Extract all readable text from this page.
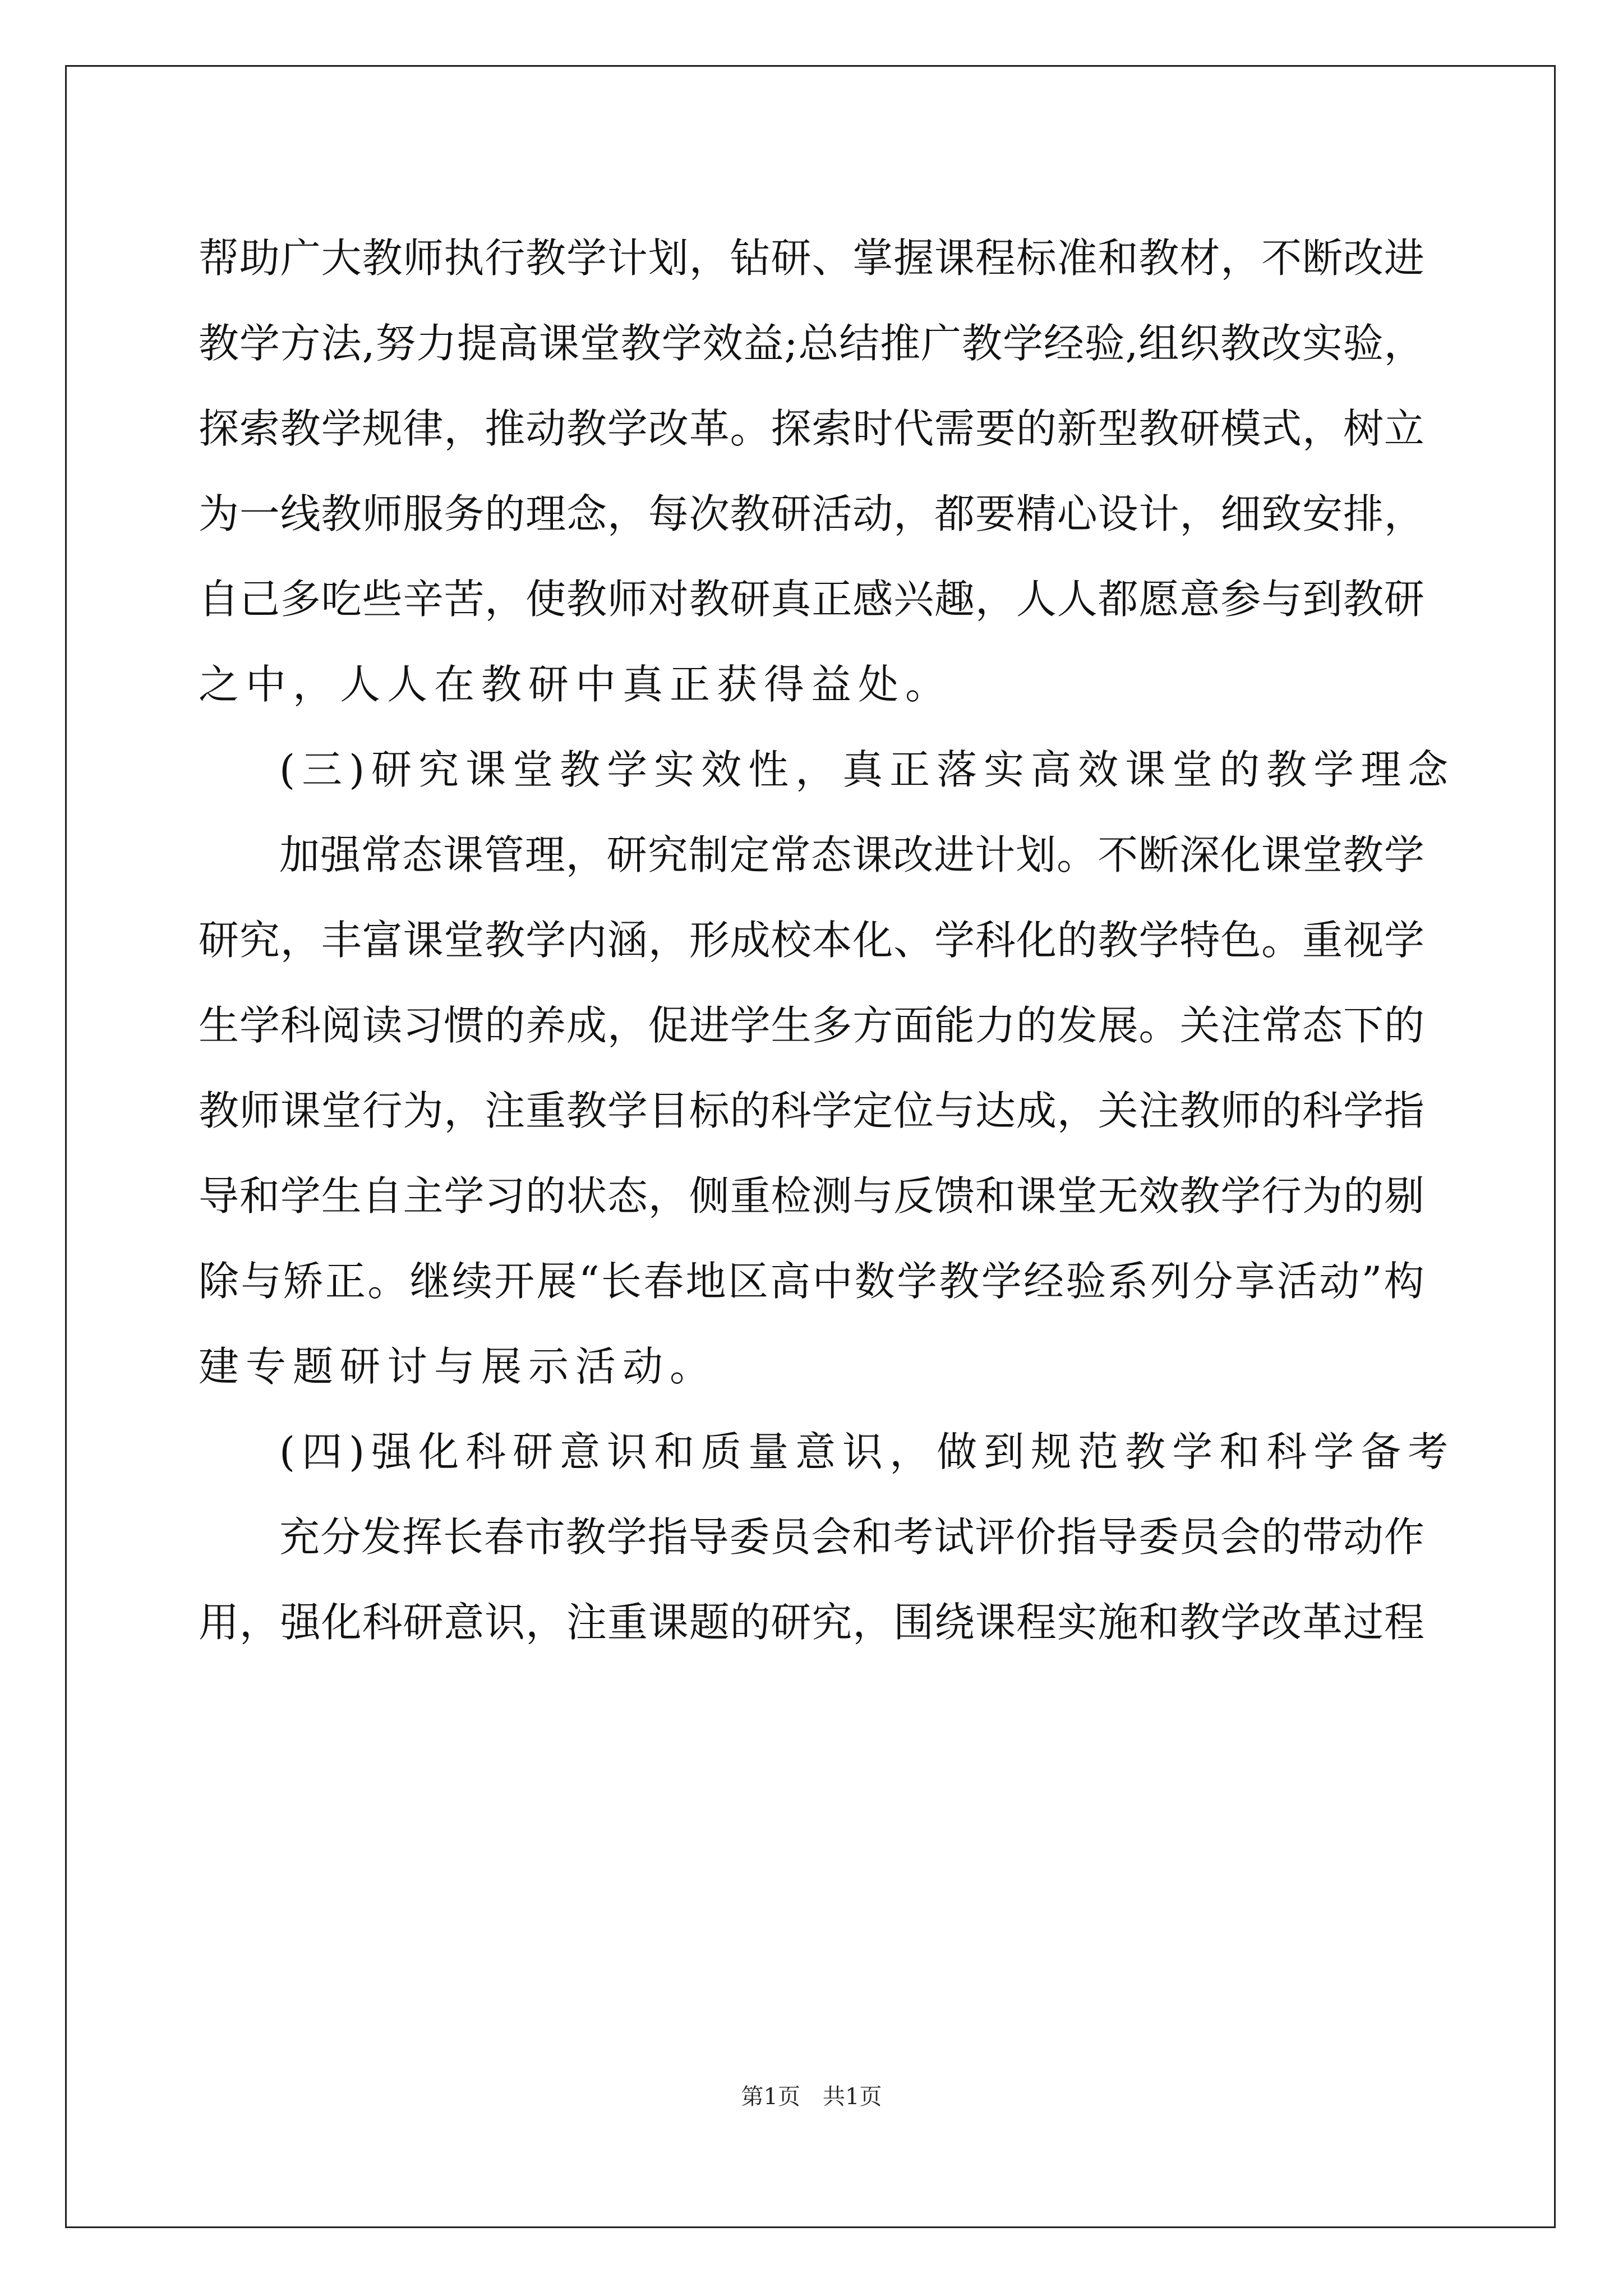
帮 助 广 大 教 师 执 行 教 学 计 划 ， 钻 研 、 掌 握 课 程 标 准 和 教 材 ， 不 断 改 进
教 学 方 法 , 努 力 提 高 课 堂 教 学 效 益 ; 总 结 推 广 教 学 经 验 , 组 织 教 改 实 验 ，
探 索 教 学 规 律 ， 推 动 教 学 改 革 。 探 索 时 代 需 要 的 新 型 教 研 模 式 ， 树 立
为 一 线 教 师 服 务 的 理 念 ， 每 次 教 研 活 动 ， 都 要 精 心 设 计 ， 细 致 安 排 ，
自 己 多 吃 些 辛 苦 ， 使 教 师 对 教 研 真 正 感 兴 趣 ， 人 人 都 愿 意 参 与 到 教 研
之中，人人在教研中真正获得益处。
(三)研究课堂教学实效性，真正落实高效课堂的教学理念
加 强 常 态 课 管 理 ， 研 究 制 定 常 态 课 改 进 计 划 。 不 断 深 化 课 堂 教 学
研 究 ， 丰 富 课 堂 教 学 内 涵 ， 形 成 校 本 化 、 学 科 化 的 教 学 特 色 。 重 视 学
生 学 科 阅 读 习 惯 的 养 成 ， 促 进 学 生 多 方 面 能 力 的 发 展 。 关 注 常 态 下 的
教 师 课 堂 行 为 ， 注 重 教 学 目 标 的 科 学 定 位 与 达 成 ， 关 注 教 师 的 科 学 指
导 和 学 生 自 主 学 习 的 状 态 ， 侧 重 检 测 与 反 馈 和 课 堂 无 效 教 学 行 为 的 剔
除 与 矫 正 。 继 续 开 展 “ 长 春 地 区 高 中 数 学 教 学 经 验 系 列 分 享 活 动 ” 构
建专题研讨与展示活动。
(四)强化科研意识和质量意识，做到规范教学和科学备考
充 分 发 挥 长 春 市 教 学 指 导 委 员 会 和 考 试 评 价 指 导 委 员 会 的 带 动 作
用 ， 强 化 科 研 意 识 ， 注 重 课 题 的 研 究 ， 围 绕 课 程 实 施 和 教 学 改 革 过 程
第1页　共1页
